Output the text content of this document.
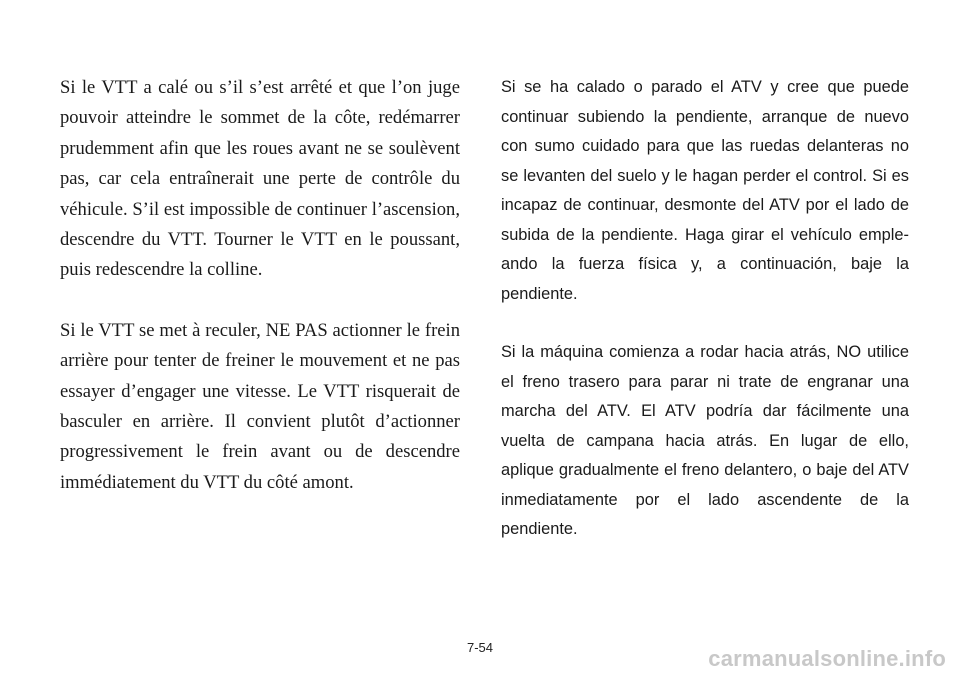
Si le VTT a calé ou s’il s’est arrêté et que l’on juge pouvoir atteindre le sommet de la côte, redémarrer prudemment afin que les roues avant ne se soulèvent pas, car cela entraînerait une perte de contrôle du véhicule. S’il est impossible de continuer l’ascension, descendre du VTT. Tourner le VTT en le poussant, puis redescendre la colline.

Si le VTT se met à reculer, NE PAS actionner le frein arrière pour tenter de freiner le mouvement et ne pas essayer d’engager une vitesse. Le VTT risquerait de basculer en arrière. Il convient plutôt d’actionner progressivement le frein avant ou de descendre immédiatement du VTT du côté amont.

Si se ha calado o parado el ATV y cree que puede continuar subiendo la pendiente, arranque de nuevo con sumo cuidado para que las ruedas delanteras no se levanten del suelo y le hagan perder el control. Si es incapaz de continuar, desmonte del ATV por el lado de subida de la pendiente. Haga girar el vehículo empleando la fuerza física y, a continuación, baje la pendiente.

Si la máquina comienza a rodar hacia atrás, NO utilice el freno trasero para parar ni trate de engranar una marcha del ATV. El ATV podría dar fácilmente una vuelta de campana hacia atrás. En lugar de ello, aplique gradualmente el freno delantero, o baje del ATV inmediatamente por el lado ascendente de la pendiente.

7-54	carmanualsonline.info
